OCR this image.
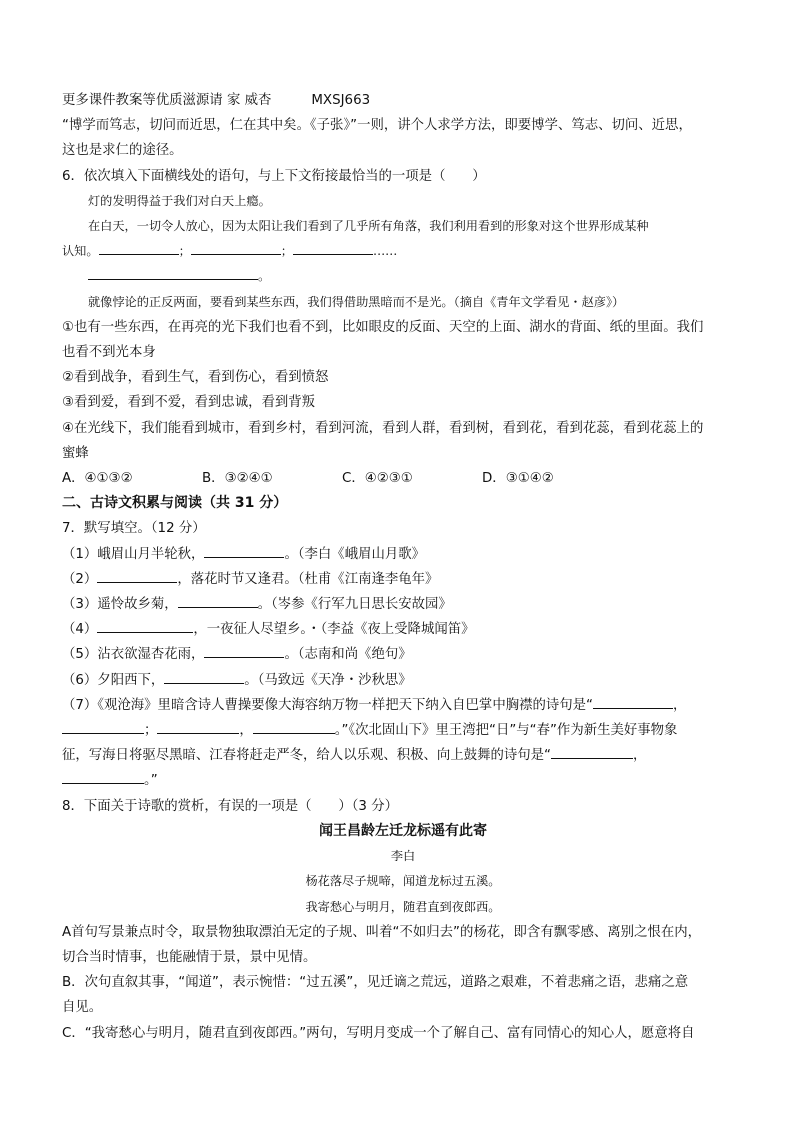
更多课件教案等优质滋源请 家 威杏	MXSJ663
“博学而笃志，切问而近思，仁在其中矣。《子张》”一则，讲个人求学方法，即要博学、笃志、切问、近思，
这也是求仁的途径。
6．依次填入下面横线处的语句，与上下文衔接最恰当的一项是（　　）
灯的发明得益于我们对白天上瘾。
在白天，一切令人放心，因为太阳让我们看到了几乎所有角落，我们利用看到的形象对这个世界形成某种
认知。	；	；	……
。
就像悖论的正反两面，要看到某些东西，我们得借助黑暗而不是光。（摘自《青年文学看见・赵彦》）
①也有一些东西，在再亮的光下我们也看不到，比如眼皮的反面、天空的上面、湖水的背面、纸的里面。我们
也看不到光本身
②看到战争，看到生气，看到伤心，看到愤怒
③看到爱，看到不爱，看到忠诚，看到背叛
④在光线下，我们能看到城市，看到乡村，看到河流，看到人群，看到树，看到花，看到花蕊，看到花蕊上的
蜜蜂
A．④①③②	B．③②④①	C．④②③①	D．③①④②
二、古诗文积累与阅读（共 31 分）
7．默写填空。（12 分）
（1）峨眉山月半轮秋，	。（李白《峨眉山月歌》
（2）	，落花时节又逢君。（杜甫《江南逢李龟年》
（3）遥怜故乡菊，	。（岑参《行军九日思长安故园》
（4）	，一夜征人尽望乡。・（李益《夜上受降城闻笛》
（5）沾衣欲湿杏花雨，	。（志南和尚《绝句》
（6）夕阳西下，	。（马致远《天净・沙秋思》
（7）《观沧海》里暗含诗人曹操要像大海容纳万物一样把天下纳入自巴掌中胸襟的诗句是“	，
；	，	。”《次北固山下》里王湾把“日”与“春”作为新生美好事物象
征，写海日将驱尽黑暗、江春将赶走严冬，给人以乐观、积极、向上鼓舞的诗句是“	，
。”
8．下面关于诗歌的赏析，有误的一项是（　　）（3 分）
闻王昌龄左迁龙标遥有此寄
李白
杨花落尽子规啼，闻道龙标过五溪。
我寄愁心与明月，随君直到夜郎西。
A首句写景兼点时令，取景物独取漂泊无定的子规、叫着“不如归去”的杨花，即含有飘零感、离别之恨在内，
切合当时情事，也能融情于景，景中见情。
B．次句直叙其事，“闻道”，表示惋惜：“过五溪”，见迁谪之荒远，道路之艰难，不着悲痛之语，悲痛之意
自见。
C．“我寄愁心与明月，随君直到夜郎西。”两句，写明月变成一个了解自己、富有同情心的知心人，愿意将自
